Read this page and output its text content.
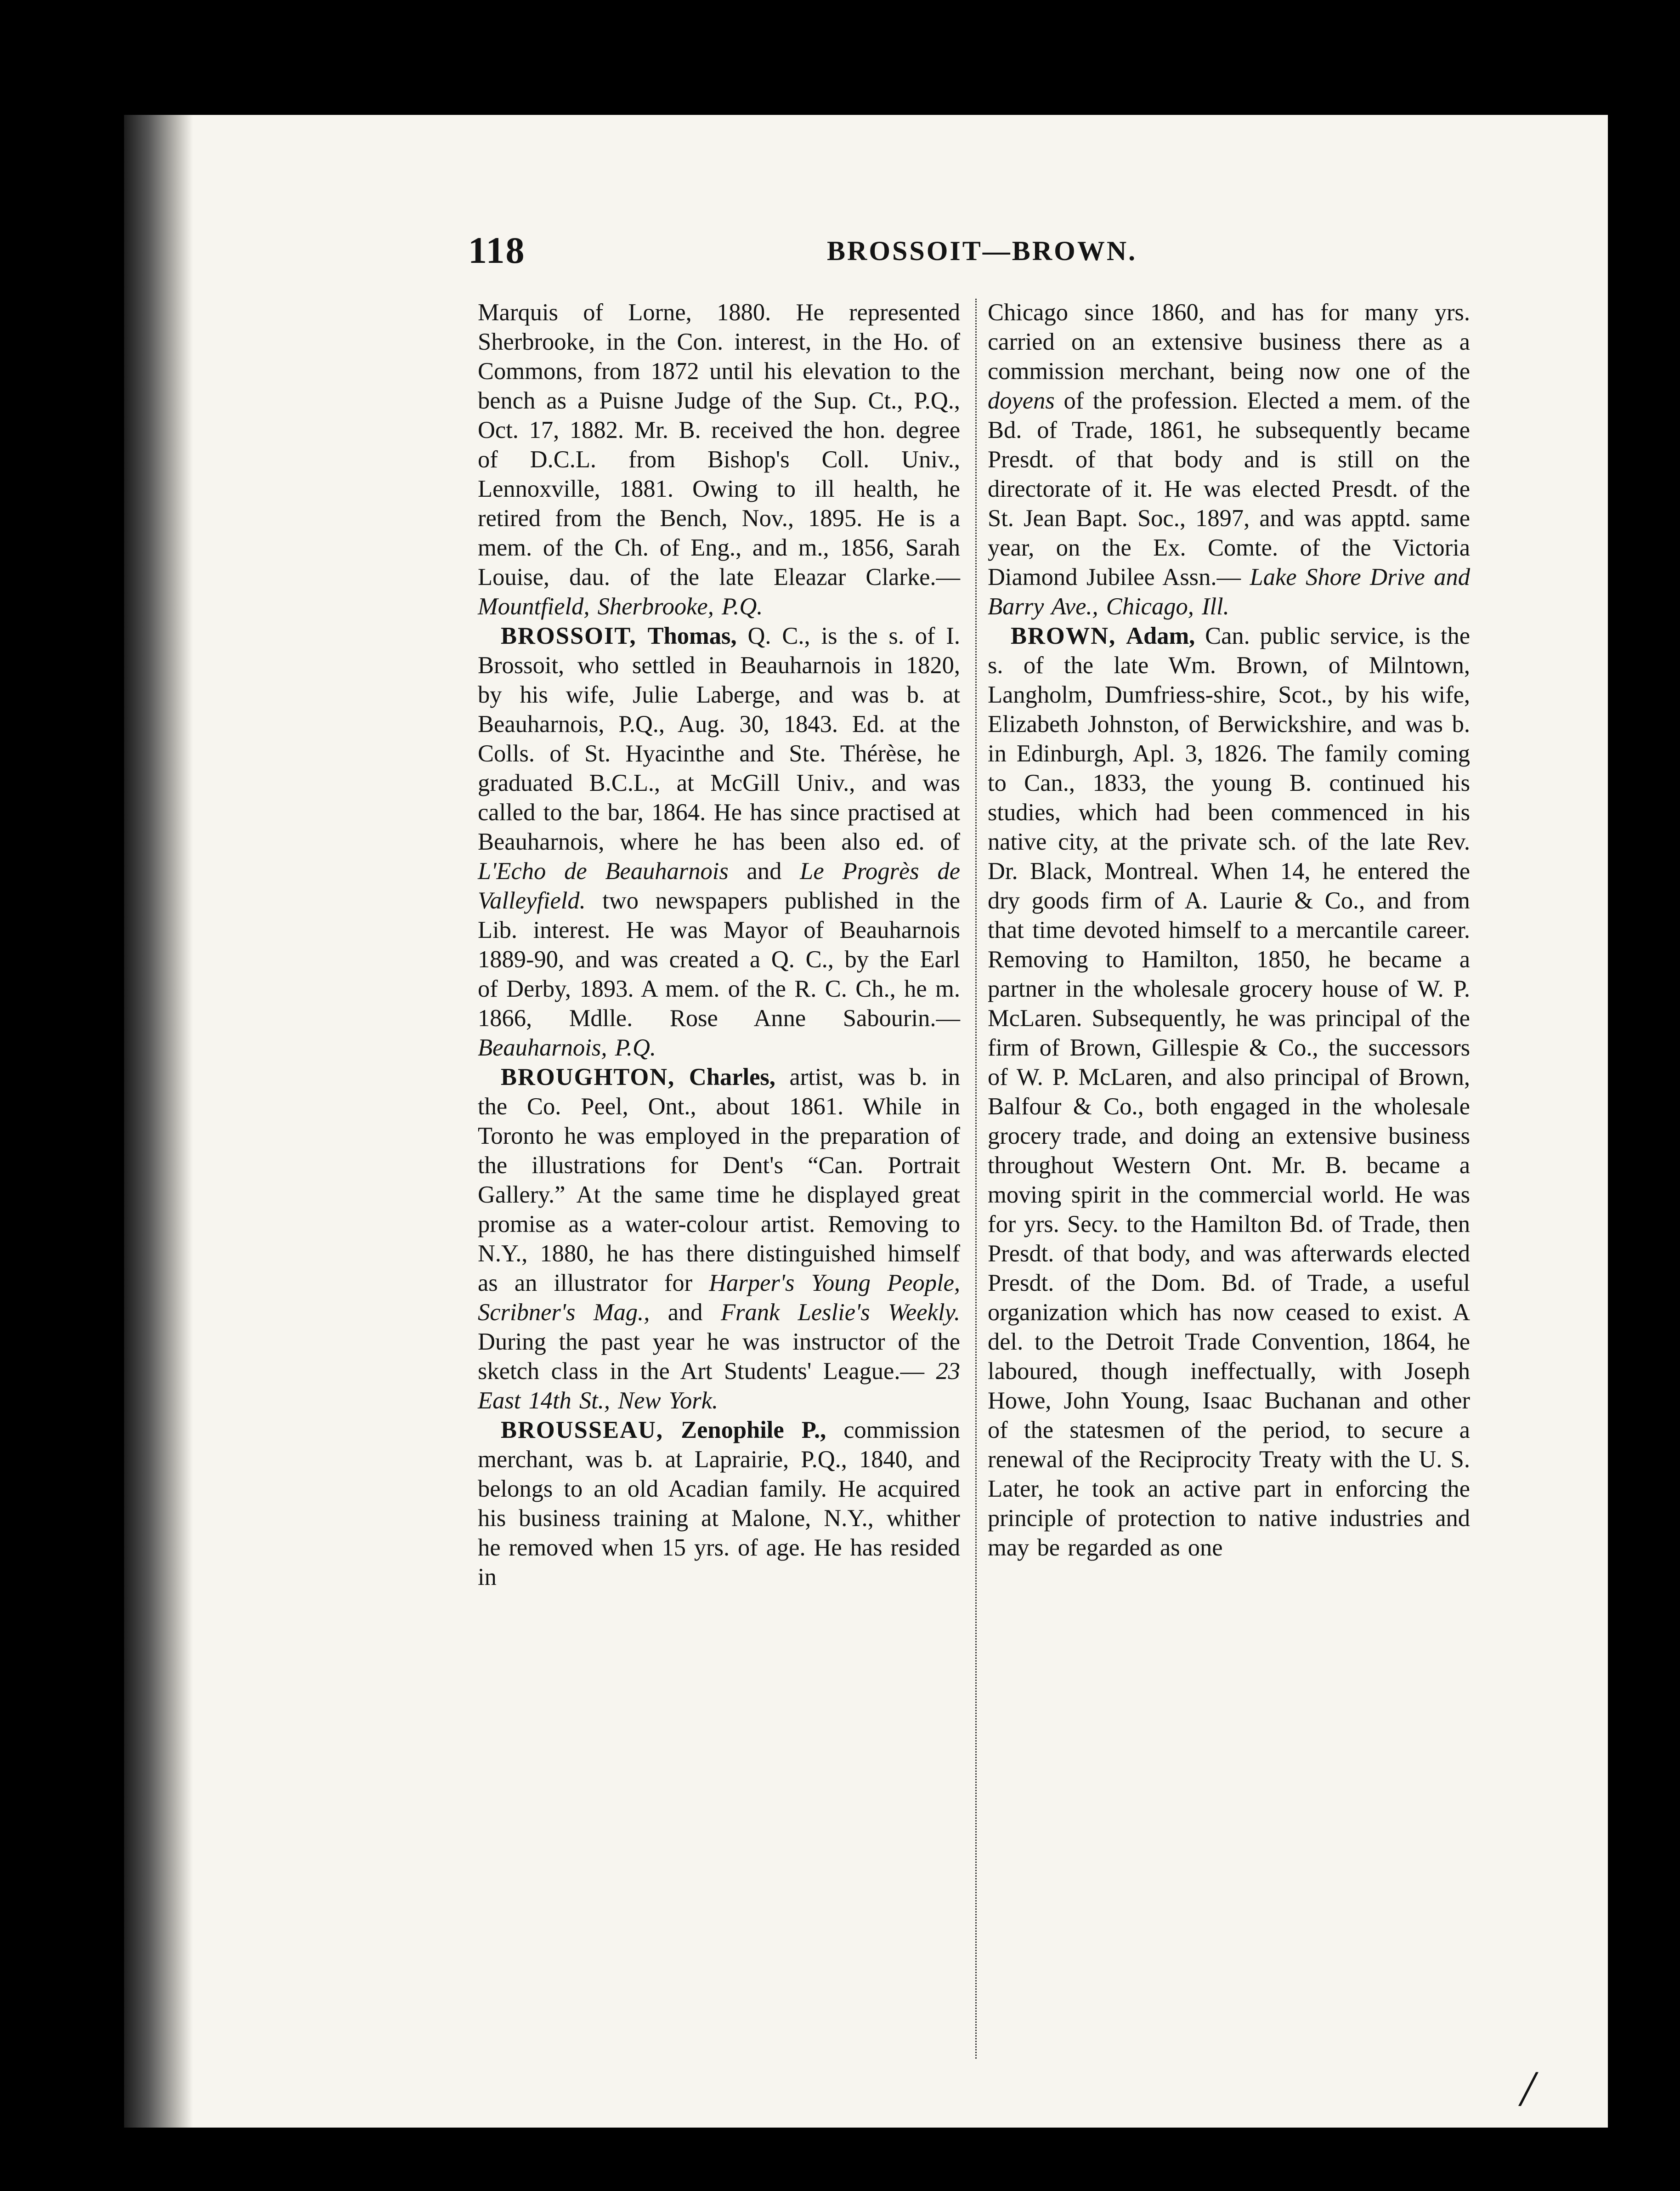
118	BROSSOIT—BROWN.

Marquis of Lorne, 1880. He represented Sherbrooke, in the Con. interest, in the Ho. of Commons, from 1872 until his elevation to the bench as a Puisne Judge of the Sup. Ct., P.Q., Oct. 17, 1882. Mr. B. received the hon. degree of D.C.L. from Bishop's Coll. Univ., Lennoxville, 1881. Owing to ill health, he retired from the Bench, Nov., 1895. He is a mem. of the Ch. of Eng., and m., 1856, Sarah Louise, dau. of the late Eleazar Clarke.— Mountfield, Sherbrooke, P.Q.

BROSSOIT, Thomas, Q. C., is the s. of I. Brossoit, who settled in Beauharnois in 1820, by his wife, Julie Laberge, and was b. at Beauharnois, P.Q., Aug. 30, 1843. Ed. at the Colls. of St. Hyacinthe and Ste. Thérèse, he graduated B.C.L., at McGill Univ., and was called to the bar, 1864. He has since practised at Beauharnois, where he has been also ed. of L'Echo de Beauharnois and Le Progrès de Valleyfield. two newspapers published in the Lib. interest. He was Mayor of Beauharnois 1889-90, and was created a Q. C., by the Earl of Derby, 1893. A mem. of the R. C. Ch., he m. 1866, Mdlle. Rose Anne Sabourin.— Beauharnois, P.Q.

BROUGHTON, Charles, artist, was b. in the Co. Peel, Ont., about 1861. While in Toronto he was employed in the preparation of the illustrations for Dent's “Can. Portrait Gallery.” At the same time he displayed great promise as a water-colour artist. Removing to N.Y., 1880, he has there distinguished himself as an illustrator for Harper's Young People, Scribner's Mag., and Frank Leslie's Weekly. During the past year he was instructor of the sketch class in the Art Students' League.— 23 East 14th St., New York.

BROUSSEAU, Zenophile P., commission merchant, was b. at Laprairie, P.Q., 1840, and belongs to an old Acadian family. He acquired his business training at Malone, N.Y., whither he removed when 15 yrs. of age. He has resided in

Chicago since 1860, and has for many yrs. carried on an extensive business there as a commission merchant, being now one of the doyens of the profession. Elected a mem. of the Bd. of Trade, 1861, he subsequently became Presdt. of that body and is still on the directorate of it. He was elected Presdt. of the St. Jean Bapt. Soc., 1897, and was apptd. same year, on the Ex. Comte. of the Victoria Diamond Jubilee Assn.— Lake Shore Drive and Barry Ave., Chicago, Ill.

BROWN, Adam, Can. public service, is the s. of the late Wm. Brown, of Milntown, Langholm, Dumfriess-shire, Scot., by his wife, Elizabeth Johnston, of Berwickshire, and was b. in Edinburgh, Apl. 3, 1826. The family coming to Can., 1833, the young B. continued his studies, which had been commenced in his native city, at the private sch. of the late Rev. Dr. Black, Montreal. When 14, he entered the dry goods firm of A. Laurie & Co., and from that time devoted himself to a mercantile career. Removing to Hamilton, 1850, he became a partner in the wholesale grocery house of W. P. McLaren. Subsequently, he was principal of the firm of Brown, Gillespie & Co., the successors of W. P. McLaren, and also principal of Brown, Balfour & Co., both engaged in the wholesale grocery trade, and doing an extensive business throughout Western Ont. Mr. B. became a moving spirit in the commercial world. He was for yrs. Secy. to the Hamilton Bd. of Trade, then Presdt. of that body, and was afterwards elected Presdt. of the Dom. Bd. of Trade, a useful organization which has now ceased to exist. A del. to the Detroit Trade Convention, 1864, he laboured, though ineffectually, with Joseph Howe, John Young, Isaac Buchanan and other of the statesmen of the period, to secure a renewal of the Reciprocity Treaty with the U. S. Later, he took an active part in enforcing the principle of protection to native industries and may be regarded as one

/
